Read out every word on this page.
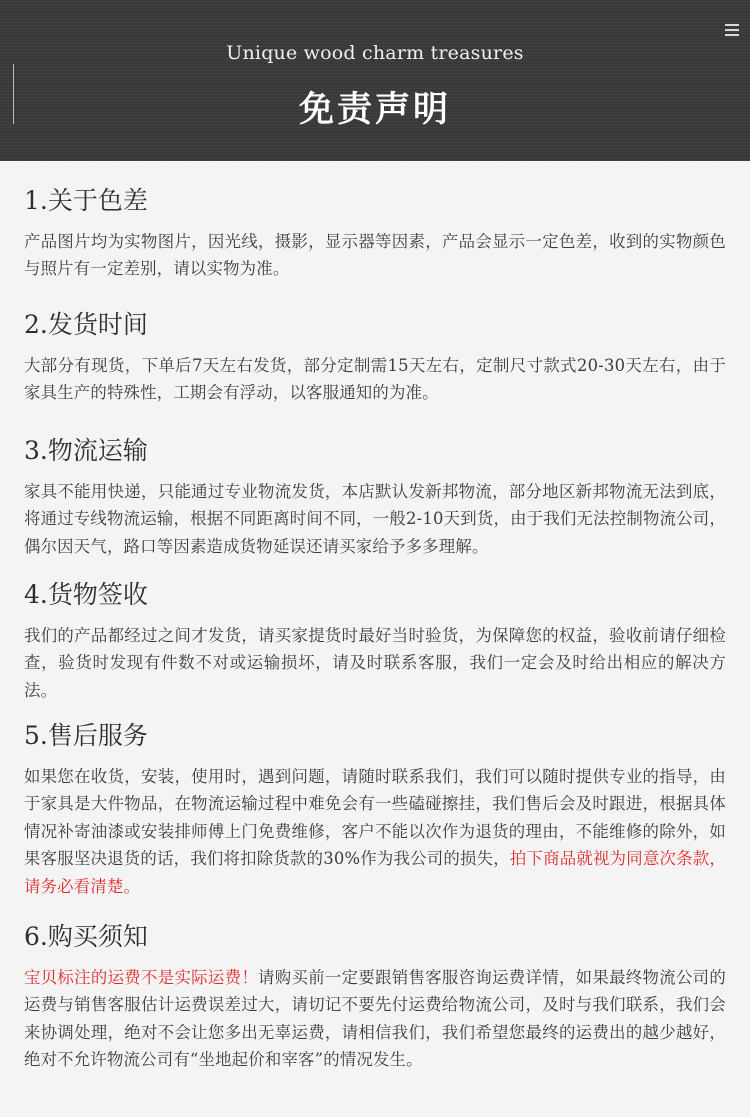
Unique wood charm treasures
免责声明
1.关于色差
产品图片均为实物图片，因光线，摄影，显示器等因素，产品会显示一定色差，收到的实物颜色与照片有一定差别，请以实物为准。
2.发货时间
大部分有现货，下单后7天左右发货，部分定制需15天左右，定制尺寸款式20-30天左右，由于家具生产的特殊性，工期会有浮动，以客服通知的为准。
3.物流运输
家具不能用快递，只能通过专业物流发货，本店默认发新邦物流，部分地区新邦物流无法到底，将通过专线物流运输，根据不同距离时间不同，一般2-10天到货，由于我们无法控制物流公司，偶尔因天气，路口等因素造成货物延误还请买家给予多多理解。
4.货物签收
我们的产品都经过之间才发货，请买家提货时最好当时验货，为保障您的权益，验收前请仔细检查，验货时发现有件数不对或运输损坏，请及时联系客服，我们一定会及时给出相应的解决方法。
5.售后服务
如果您在收货，安装，使用时，遇到问题，请随时联系我们，我们可以随时提供专业的指导，由于家具是大件物品，在物流运输过程中难免会有一些磕碰擦挂，我们售后会及时跟进，根据具体情况补寄油漆或安装排师傅上门免费维修，客户不能以次作为退货的理由，不能维修的除外，如果客服坚决退货的话，我们将扣除货款的30%作为我公司的损失，拍下商品就视为同意次条款，请务必看清楚。
6.购买须知
宝贝标注的运费不是实际运费！请购买前一定要跟销售客服咨询运费详情，如果最终物流公司的运费与销售客服估计运费误差过大，请切记不要先付运费给物流公司，及时与我们联系，我们会来协调处理，绝对不会让您多出无辜运费，请相信我们，我们希望您最终的运费出的越少越好，绝对不允许物流公司有“坐地起价和宰客”的情况发生。
